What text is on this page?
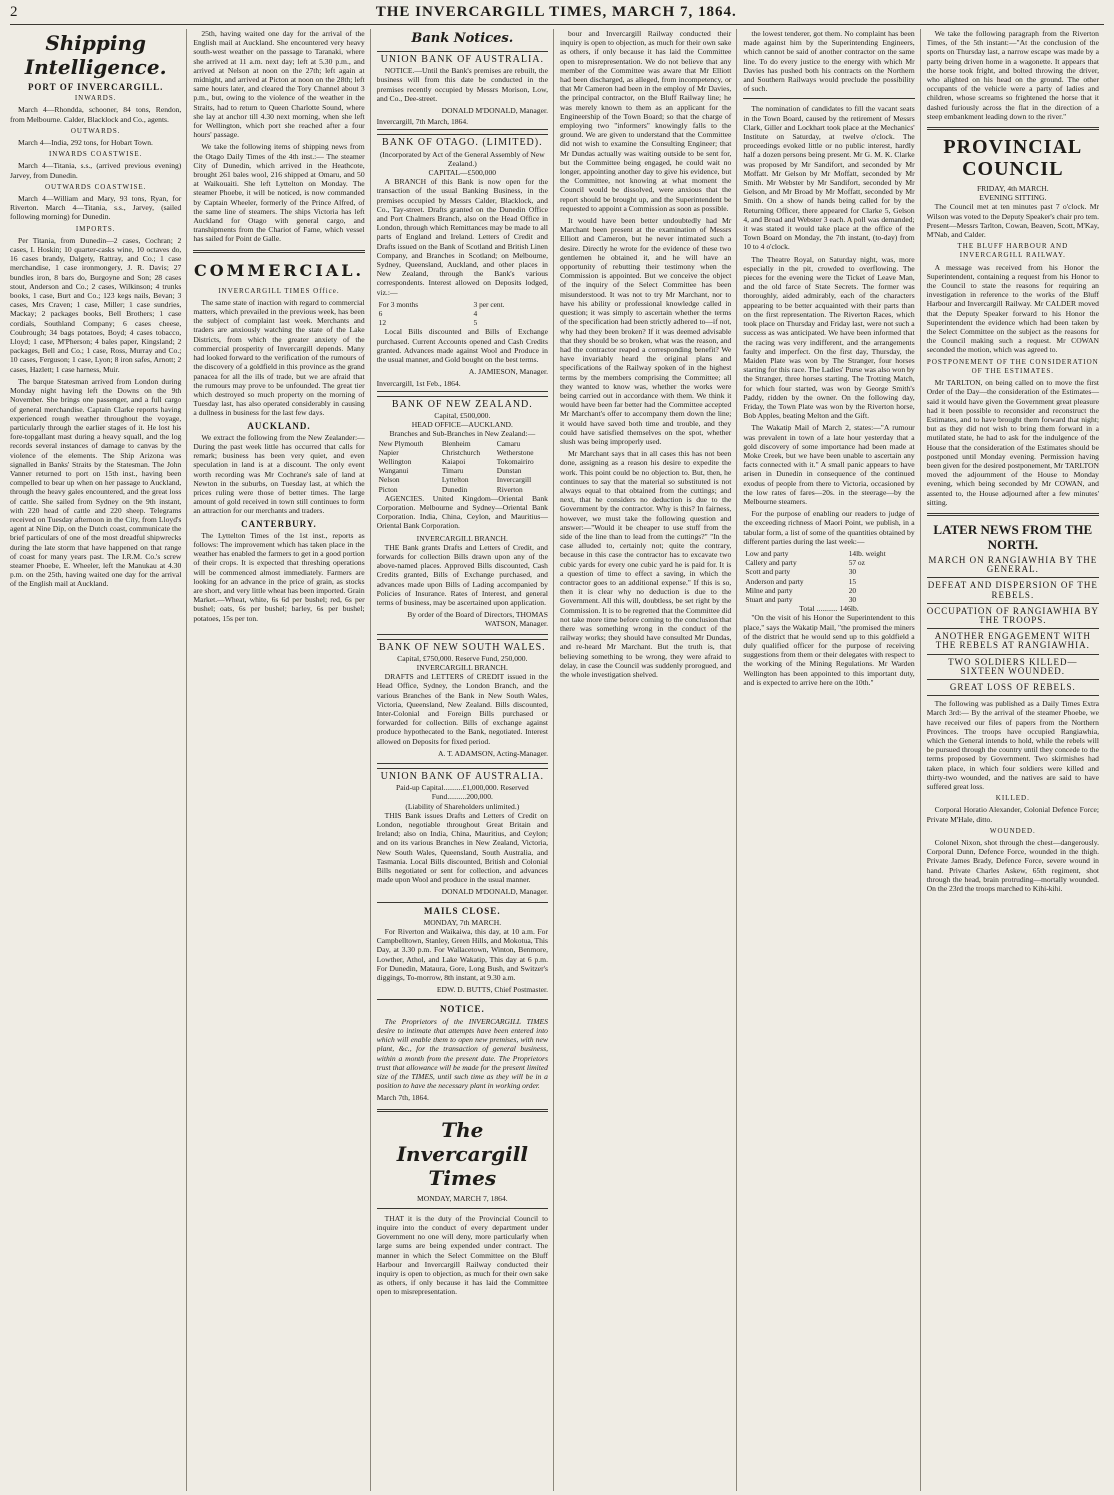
2	THE INVERCARGILL TIMES, MARCH 7, 1864.
Shipping Intelligence.
PORT OF INVERCARGILL.
INWARDS.

March 4—Rhondda, schooner, 84 tons, Rendon, from Melbourne. Calder, Blacklock and Co., agents.

OUTWARDS.

March 4—India, 292 tons, for Hobart Town.

INWARDS COASTWISE.

March 4—Titania, s.s., (arrived previous evening) Jarvey, from Dunedin.

OUTWARDS COASTWISE.

March 4—William and Mary, 93 tons, Ryan, for Riverton. March 4—Titania, s.s., Jarvey, (sailed following morning) for Dunedin.

IMPORTS.

Per Titania, from Dunedin—2 cases, Cochran; 2 cases, I. Hoskin; 10 quarter-casks wine, 10 octaves do, 16 cases brandy, Dalgety, Rattray, and Co.; 1 case merchandise, 1 case ironmongery, J. R. Davis; 27 bundles iron, 8 bars do, Burgoyne and Son; 28 cases stout, Anderson and Co.; 2 cases, Wilkinson; 4 trunks books, 1 case, Burt and Co.; 123 kegs nails, Bevan; 3 cases, Mrs Craven; 1 case, Miller; 1 case sundries, Mackay; 2 packages books, Bell Brothers; 1 case cordials, Southland Company; 6 cases cheese, Coubrough; 34 bags potatoes, Boyd; 4 cases tobacco, Lloyd; 1 case, M'Pherson; 4 bales paper, Kingsland; 2 packages, Bell and Co.; 1 case, Ross, Murray and Co.; 10 cases, Ferguson; 1 case, Lyon; 8 iron safes, Arnott; 2 cases, Hazlett; 1 case harness, Muir.

The barque Statesman arrived from London during Monday night having left the Downs on the 9th November. She brings one passenger, and a full cargo of general merchandise. Captain Clarke reports having experienced rough weather throughout the voyage, particularly through the earlier stages of it. He lost his fore-topgallant mast during a heavy squall, and the log records several instances of damage to canvas by the violence of the elements. The Ship Arizona was signalled in Banks' Straits by the Statesman. The John Vanner returned to port on 15th inst., having been compelled to bear up when on her passage to Auckland, through the heavy gales encountered, and the great loss of cattle. She sailed from Sydney on the 9th instant, with 220 head of cattle and 220 sheep. Telegrams received on Tuesday afternoon in the City, from Lloyd's agent at Nine Dip, on the Dutch coast, communicate the brief particulars of one of the most dreadful shipwrecks during the late storm that have happened on that range of coast for many years past. The I.R.M. Co.'s screw steamer Phoebe, E. Wheeler, left the Manukau at 4.30 p.m. on the 25th, having waited one day for the arrival of the English mail at Auckland.

25th, having waited one day for the arrival of the English mail at Auckland. She encountered very heavy south-west weather on the passage to Taranaki, where she arrived at 11 a.m. next day; left at 5.30 p.m., and arrived at Nelson at noon on the 27th; left again at midnight, and arrived at Picton at noon on the 28th; left same hours later, and cleared the Tory Channel about 3 p.m., but, owing to the violence of the weather in the Straits, had to return to Queen Charlotte Sound, where she lay at anchor till 4.30 next morning, when she left for Wellington, which port she reached after a four hours' passage.

We take the following items of shipping news from the Otago Daily Times of the 4th inst.:— The steamer City of Dunedin, which arrived in the Heathcote, brought 261 bales wool, 216 shipped at Omaru, and 50 at Waikouaiti. She left Lyttelton on Monday. The steamer Phoebe, it will be noticed, is now commanded by Captain Wheeler, formerly of the Prince Alfred, of the same line of steamers. The ships Victoria has left Auckland for Otago with general cargo, and transhipments from the Chariot of Fame, which vessel has sailed for Point de Galle.

COMMERCIAL.
INVERCARGILL TIMES Office.

The same state of inaction with regard to commercial matters, which prevailed in the previous week, has been the subject of complaint last week. Merchants and traders are anxiously watching the state of the Lake Districts, from which the greater anxiety of the commercial prosperity of Invercargill depends. Many had looked forward to the verification of the rumours of the discovery of a goldfield in this province as the grand panacea for all the ills of trade, but we are afraid that the rumours may prove to be unfounded. The great tier which destroyed so much property on the morning of Tuesday last, has also operated considerably in causing a dullness in business for the last few days.

AUCKLAND.

We extract the following from the New Zealander:—During the past week little has occurred that calls for remark; business has been very quiet, and even speculation in land is at a discount. The only event worth recording was Mr Cochrane's sale of land at Newton in the suburbs, on Tuesday last, at which the prices ruling were those of better times. The large amount of gold received in town still continues to form an attraction for our merchants and traders.

CANTERBURY.

The Lyttelton Times of the 1st inst., reports as follows: The improvement which has taken place in the weather has enabled the farmers to get in a good portion of their crops. It is expected that threshing operations will be commenced almost immediately. Farmers are looking for an advance in the price of grain, as stocks are short, and very little wheat has been imported. Grain Market.—Wheat, white, 6s 6d per bushel; red, 6s per bushel; oats, 6s per bushel; barley, 6s per bushel; potatoes, 15s per ton.

Bank Notices.
UNION BANK OF AUSTRALIA.

NOTICE.—Until the Bank's premises are rebuilt, the business will from this date be conducted in the premises recently occupied by Messrs Morison, Low, and Co., Dee-street.

DONALD M'DONALD, Manager.
Invercargill, 7th March, 1864.
BANK OF OTAGO. (LIMITED).
(Incorporated by Act of the General Assembly of New Zealand.)
CAPITAL—£500,000

A BRANCH of this Bank is now open for the transaction of the usual Banking Business, in the premises occupied by Messrs Calder, Blacklock, and Co., Tay-street. Drafts granted on the Dunedin Office and Port Chalmers Branch, also on the Head Office in London, through which Remittances may be made to all parts of England and Ireland. Letters of Credit and Drafts issued on the Bank of Scotland and British Linen Company, and Branches in Scotland; on Melbourne, Sydney, Queensland, Auckland, and other places in New Zealand, through the Bank's various correspondents. Interest allowed on Deposits lodged, viz.:—

For 3 months	3 per cent.
6	4
12	5

Local Bills discounted and Bills of Exchange purchased. Current Accounts opened and Cash Credits granted. Advances made against Wool and Produce in the usual manner, and Gold bought on the best terms.

A. JAMIESON, Manager.
Invercargill, 1st Feb., 1864.
BANK OF NEW ZEALAND.
Capital, £500,000.
HEAD OFFICE—AUCKLAND.
Branches and Sub-Branches in New Zealand:—
New Plymouth	Blenheim	Camaru
Napier	Christchurch	Wetherstone
Wellington	Kaiapoi	Tokomairiro
Wanganui	Timaru	Dunstan
Nelson	Lyttelton	Invercargill
Picton	Dunedin	Riverton

AGENCIES. United Kingdom—Oriental Bank Corporation. Melbourne and Sydney—Oriental Bank Corporation. India, China, Ceylon, and Mauritius—Oriental Bank Corporation.

INVERCARGILL BRANCH.

THE Bank grants Drafts and Letters of Credit, and forwards for collection Bills drawn upon any of the above-named places. Approved Bills discounted, Cash Credits granted, Bills of Exchange purchased, and advances made upon Bills of Lading accompanied by Policies of Insurance. Rates of Interest, and general terms of business, may be ascertained upon application.

By order of the Board of Directors, THOMAS WATSON, Manager.
BANK OF NEW SOUTH WALES.
Capital, £750,000. Reserve Fund, 250,000.
INVERCARGILL BRANCH.

DRAFTS and LETTERS of CREDIT issued in the Head Office, Sydney, the London Branch, and the various Branches of the Bank in New South Wales, Victoria, Queensland, New Zealand. Bills discounted, Inter-Colonial and Foreign Bills purchased or forwarded for collection. Bills of exchange against produce hypothecated to the Bank, negotiated. Interest allowed on Deposits for fixed period.

A. T. ADAMSON, Acting-Manager.
UNION BANK OF AUSTRALIA.
Paid-up Capital..........£1,000,000. Reserved Fund..........200,000.
(Liability of Shareholders unlimited.)

THIS Bank issues Drafts and Letters of Credit on London, negotiable throughout Great Britain and Ireland; also on India, China, Mauritius, and Ceylon; and on its various Branches in New Zealand, Victoria, New South Wales, Queensland, South Australia, and Tasmania. Local Bills discounted, British and Colonial Bills negotiated or sent for collection, and advances made upon Wool and produce in the usual manner.

DONALD M'DONALD, Manager.
MAILS CLOSE.
MONDAY, 7th MARCH.

For Riverton and Waikaiwa, this day, at 10 a.m. For Campbelltown, Stanley, Green Hills, and Mokotua, This Day, at 3.30 p.m. For Wallacetown, Winton, Benmore, Lowther, Athol, and Lake Wakatip, This day at 6 p.m. For Dunedin, Mataura, Gore, Long Bush, and Switzer's diggings, To-morrow, 8th instant, at 9.30 a.m.

EDW. D. BUTTS, Chief Postmaster.
NOTICE.

The Proprietors of the INVERCARGILL TIMES desire to intimate that attempts have been entered into which will enable them to open new premises, with new plant, &c., for the transaction of general business, within a month from the present date. The Proprietors trust that allowance will be made for the present limited size of the TIMES, until such time as they will be in a position to have the necessary plant in working order.

March 7th, 1864.
The Invercargill Times
MONDAY, MARCH 7, 1864.

THAT it is the duty of the Provincial Council to inquire into the conduct of every department under Government no one will deny, more particularly when large sums are being expended under contract. The manner in which the Select Committee on the Bluff Harbour and Invercargill Railway conducted their inquiry is open to objection, as much for their own sake as others, if only because it has laid the Committee open to misrepresentation.

bour and Invercargill Railway conducted their inquiry is open to objection, as much for their own sake as others, if only because it has laid the Committee open to misrepresentation. We do not believe that any member of the Committee was aware that Mr Elliott had been discharged, as alleged, from incompetency, or that Mr Cameron had been in the employ of Mr Davies, the principal contractor, on the Bluff Railway line; he was merely known to them as an applicant for the Engineership of the Town Board; so that the charge of employing two "informers" knowingly falls to the ground. We are given to understand that the Committee did not wish to examine the Consulting Engineer; that Mr Dundas actually was waiting outside to be sent for, but the Committee being engaged, he could wait no longer, appointing another day to give his evidence, but the Committee, not knowing at what moment the Council would be dissolved, were anxious that the report should be brought up, and the Superintendent be requested to appoint a Commission as soon as possible.

It would have been better undoubtedly had Mr Marchant been present at the examination of Messrs Elliott and Cameron, but he never intimated such a desire. Directly he wrote for the evidence of these two gentlemen he obtained it, and he will have an opportunity of rebutting their testimony when the Commission is appointed. But we conceive the object of the inquiry of the Select Committee has been misunderstood. It was not to try Mr Marchant, nor to have his ability or professional knowledge called in question; it was simply to ascertain whether the terms of the specification had been strictly adhered to—if not, why had they been broken? If it was deemed advisable that they should be so broken, what was the reason, and had the contractor reaped a corresponding benefit? We have invariably heard the original plans and specifications of the Railway spoken of in the highest terms by the members comprising the Committee; all they wanted to know was, whether the works were being carried out in accordance with them. We think it would have been far better had the Committee accepted Mr Marchant's offer to accompany them down the line; it would have saved both time and trouble, and they could have satisfied themselves on the spot, whether slush was being improperly used.

Mr Marchant says that in all cases this has not been done, assigning as a reason his desire to expedite the work. This point could be no objection to. But, then, he continues to say that the material so substituted is not always equal to that obtained from the cuttings; and next, that he considers no deduction is due to the Government by the contractor. Why is this? In fairness, however, we must take the following question and answer:—"Would it be cheaper to use stuff from the side of the line than to lead from the cuttings?" "In the case alluded to, certainly not; quite the contrary, because in this case the contractor has to excavate two cubic yards for every one cubic yard he is paid for. It is a question of time to effect a saving, in which the contractor goes to an additional expense." If this is so, then it is clear why no deduction is due to the Government. All this will, doubtless, be set right by the Commission. It is to be regretted that the Committee did not take more time before coming to the conclusion that there was something wrong in the conduct of the railway works; they should have consulted Mr Dundas, and re-heard Mr Marchant. But the truth is, that believing something to be wrong, they were afraid to delay, in case the Council was suddenly prorogued, and the whole investigation shelved.

the lowest tenderer, got them. No complaint has been made against him by the Superintending Engineers, which cannot be said of another contractor on the same line. To do every justice to the energy with which Mr Davies has pushed both his contracts on the Northern and Southern Railways would preclude the possibility of such.

The nomination of candidates to fill the vacant seats in the Town Board, caused by the retirement of Messrs Clark, Giller and Lockhart took place at the Mechanics' Institute on Saturday, at twelve o'clock. The proceedings evoked little or no public interest, hardly half a dozen persons being present. Mr G. M. K. Clarke was proposed by Mr Sandifort, and seconded by Mr Moffatt. Mr Gelson by Mr Moffatt, seconded by Mr Smith. Mr Webster by Mr Sandifort, seconded by Mr Gelson, and Mr Broad by Mr Moffatt, seconded by Mr Smith. On a show of hands being called for by the Returning Officer, there appeared for Clarke 5, Gelson 4, and Broad and Webster 3 each. A poll was demanded; it was stated it would take place at the office of the Town Board on Monday, the 7th instant, (to-day) from 10 to 4 o'clock.

The Theatre Royal, on Saturday night, was, more especially in the pit, crowded to overflowing. The pieces for the evening were the Ticket of Leave Man, and the old farce of State Secrets. The former was thoroughly, aided admirably, each of the characters appearing to be better acquainted with their parts than on the first representation. The Riverton Races, which took place on Thursday and Friday last, were not such a success as was anticipated. We have been informed that the racing was very indifferent, and the arrangements faulty and imperfect. On the first day, Thursday, the Maiden Plate was won by The Stranger, four horses starting for this race. The Ladies' Purse was also won by the Stranger, three horses starting. The Trotting Match, for which four started, was won by George Smith's Paddy, ridden by the owner. On the following day, Friday, the Town Plate was won by the Riverton horse, Bob Apples, beating Melton and the Gift.

The Wakatip Mail of March 2, states:—"A rumour was prevalent in town of a late hour yesterday that a gold discovery of some importance had been made at Moke Creek, but we have been unable to ascertain any facts connected with it." A small panic appears to have arisen in Dunedin in consequence of the continued exodus of people from there to Victoria, occasioned by the low rates of fares—20s. in the steerage—by the Melbourne steamers.

For the purpose of enabling our readers to judge of the exceeding richness of Maori Point, we publish, in a tabular form, a list of some of the quantities obtained by different parties during the last week:—

Low and party	14lb. weight
Callery and party	57 oz
Scott and party	30
Anderson and party	15
Milne and party	20
Stuart and party	30
Total ........... 146lb.

"On the visit of his Honor the Superintendent to this place," says the Wakatip Mail, "the promised the miners of the district that he would send up to this goldfield a duly qualified officer for the purpose of receiving suggestions from them or their delegates with respect to the working of the Mining Regulations. Mr Warden Wellington has been appointed to this important duty, and is expected to arrive here on the 10th."

We take the following paragraph from the Riverton Times, of the 5th instant:—"At the conclusion of the sports on Thursday last, a narrow escape was made by a party being driven home in a wagonette. It appears that the horse took fright, and bolted throwing the driver, who alighted on his head on the ground. The other occupants of the vehicle were a party of ladies and children, whose screams so frightened the horse that it dashed furiously across the flat in the direction of a steep embankment leading down to the river."

PROVINCIAL COUNCIL
FRIDAY, 4th MARCH.
EVENING SITTING.

The Council met at ten minutes past 7 o'clock. Mr Wilson was voted to the Deputy Speaker's chair pro tem. Present—Messrs Tarlton, Cowan, Beaven, Scott, M'Kay, M'Nab, and Calder.

THE BLUFF HARBOUR AND INVERCARGILL RAILWAY.

A message was received from his Honor the Superintendent, containing a request from his Honor to the Council to state the reasons for requiring an investigation in reference to the works of the Bluff Harbour and Invercargill Railway. Mr CALDER moved that the Deputy Speaker forward to his Honor the Superintendent the evidence which had been taken by the Select Committee on the subject as the reasons for the Council making such a request. Mr COWAN seconded the motion, which was agreed to.

POSTPONEMENT OF THE CONSIDERATION OF THE ESTIMATES.

Mr TARLTON, on being called on to move the first Order of the Day—the consideration of the Estimates—said it would have given the Government great pleasure had it been possible to reconsider and reconstruct the Estimates, and to have brought them forward that night; but as they did not wish to bring them forward in a mutilated state, he had to ask for the indulgence of the House that the consideration of the Estimates should be postponed until Monday evening. Permission having been given for the desired postponement, Mr TARLTON moved the adjournment of the House to Monday evening, which being seconded by Mr COWAN, and assented to, the House adjourned after a few minutes' sitting.

LATER NEWS FROM THE NORTH.
MARCH ON RANGIAWHIA BY THE GENERAL.
DEFEAT AND DISPERSION OF THE REBELS.
OCCUPATION OF RANGIAWHIA BY THE TROOPS.
ANOTHER ENGAGEMENT WITH THE REBELS AT RANGIAWHIA.
TWO SOLDIERS KILLED—SIXTEEN WOUNDED.
GREAT LOSS OF REBELS.

The following was published as a Daily Times Extra March 3rd:— By the arrival of the steamer Phoebe, we have received our files of papers from the Northern Provinces. The troops have occupied Rangiawhia, which the General intends to hold, while the rebels will be pursued through the country until they concede to the terms proposed by Government. Two skirmishes had taken place, in which four soldiers were killed and thirty-two wounded, and the natives are said to have suffered great loss.

KILLED.

Corporal Horatio Alexander, Colonial Defence Force; Private M'Hale, ditto.

WOUNDED.

Colonel Nixon, shot through the chest—dangerously. Corporal Dunn, Defence Force, wounded in the thigh. Private James Brady, Defence Force, severe wound in hand. Private Charles Askew, 65th regiment, shot through the head, brain protruding—mortally wounded. On the 23rd the troops marched to Kihi-kihi.
